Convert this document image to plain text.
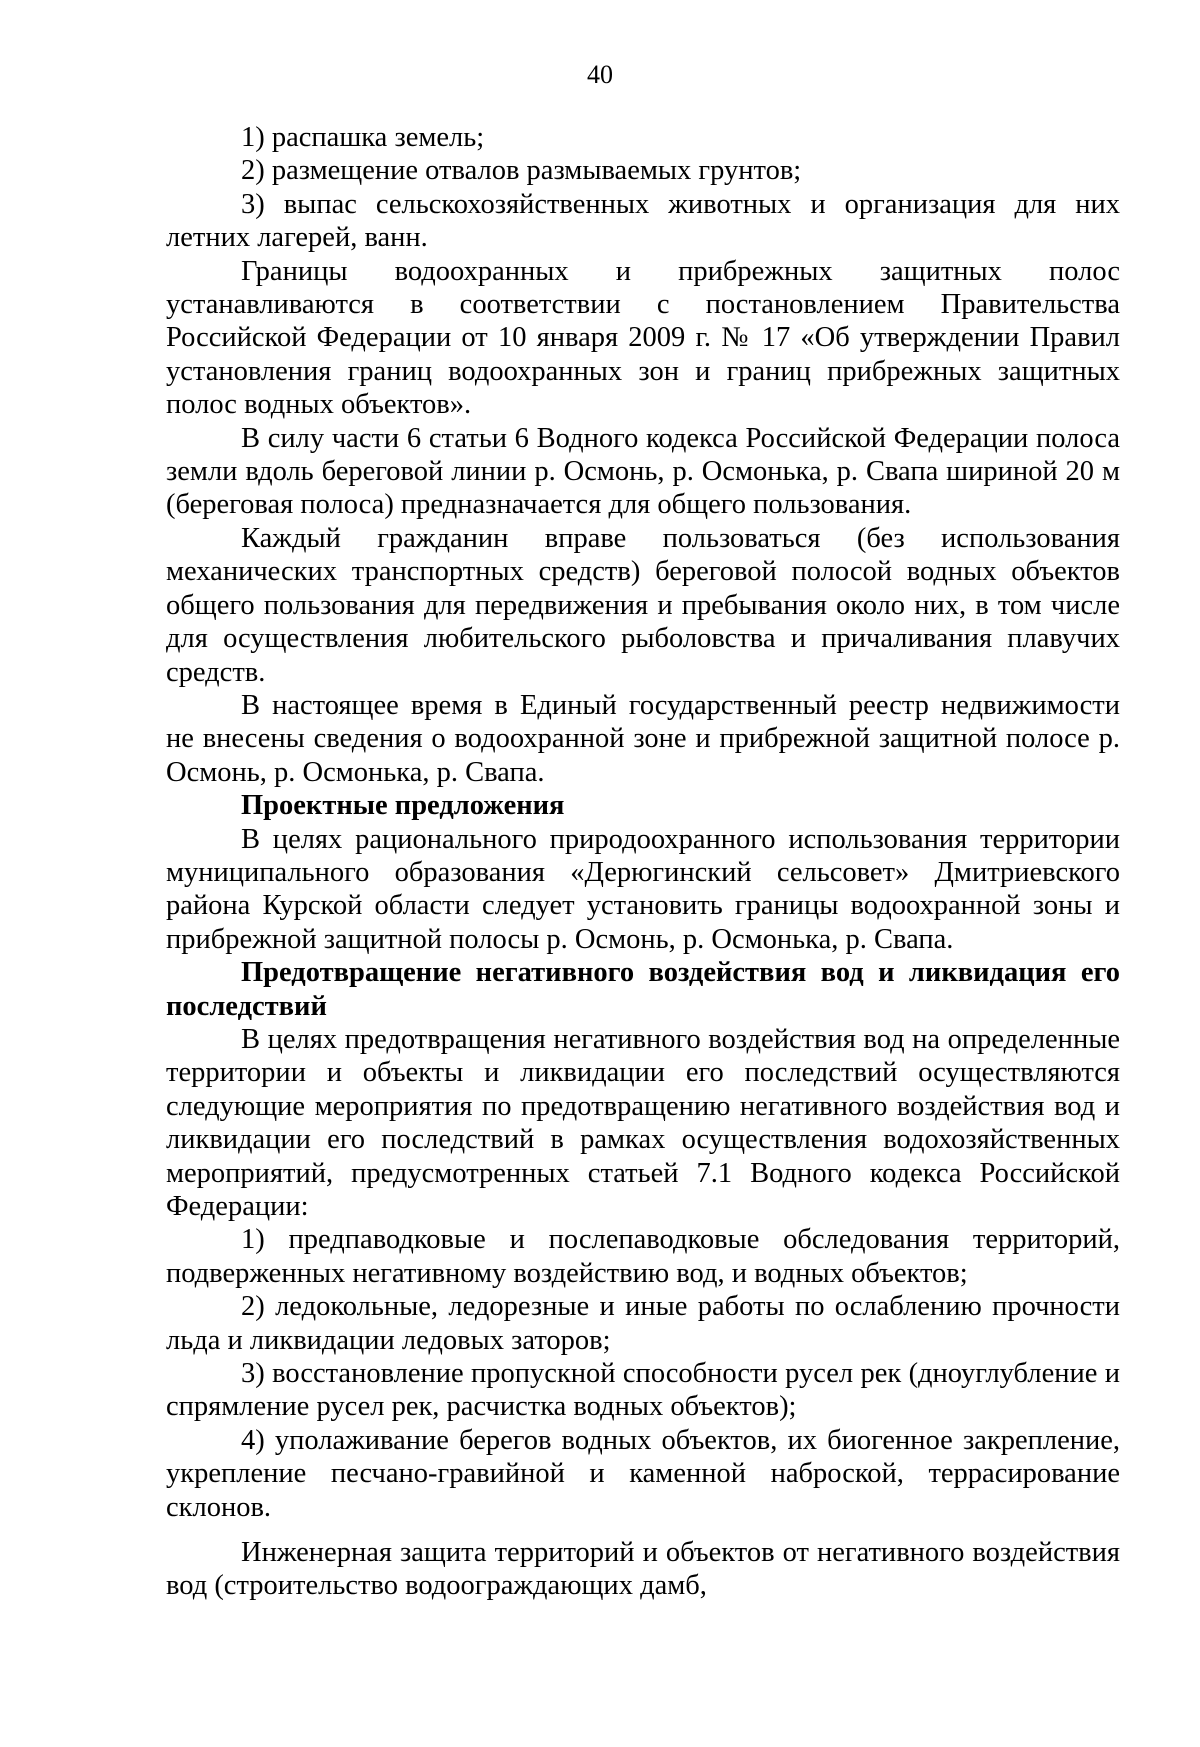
40

1) распашка земель;

2) размещение отвалов размываемых грунтов;

3) выпас сельскохозяйственных животных и организация для них летних лагерей, ванн.

Границы водоохранных и прибрежных защитных полос устанавливаются в соответствии с постановлением Правительства Российской Федерации от 10 января 2009 г. № 17 «Об утверждении Правил установления границ водоохранных зон и границ прибрежных защитных полос водных объектов».

В силу части 6 статьи 6 Водного кодекса Российской Федерации полоса земли вдоль береговой линии р. Осмонь, р. Осмонька, р. Свапа шириной 20 м (береговая полоса) предназначается для общего пользования.

Каждый гражданин вправе пользоваться (без использования механических транспортных средств) береговой полосой водных объектов общего пользования для передвижения и пребывания около них, в том числе для осуществления любительского рыболовства и причаливания плавучих средств.

В настоящее время в Единый государственный реестр недвижимости не внесены сведения о водоохранной зоне и прибрежной защитной полосе р. Осмонь, р. Осмонька, р. Свапа.

Проектные предложения

В целях рационального природоохранного использования территории муниципального образования «Дерюгинский сельсовет» Дмитриевского района Курской области следует установить границы водоохранной зоны и прибрежной защитной полосы р. Осмонь, р. Осмонька, р. Свапа.

Предотвращение негативного воздействия вод и ликвидация его последствий

В целях предотвращения негативного воздействия вод на определенные территории и объекты и ликвидации его последствий осуществляются следующие мероприятия по предотвращению негативного воздействия вод и ликвидации его последствий в рамках осуществления водохозяйственных мероприятий, предусмотренных статьей 7.1 Водного кодекса Российской Федерации:

1) предпаводковые и послепаводковые обследования территорий, подверженных негативному воздействию вод, и водных объектов;

2) ледокольные, ледорезные и иные работы по ослаблению прочности льда и ликвидации ледовых заторов;

3) восстановление пропускной способности русел рек (дноуглубление и спрямление русел рек, расчистка водных объектов);

4) уполаживание берегов водных объектов, их биогенное закрепление, укрепление песчано-гравийной и каменной наброской, террасирование склонов.

Инженерная защита территорий и объектов от негативного воздействия вод (строительство водоограждающих дамб,
